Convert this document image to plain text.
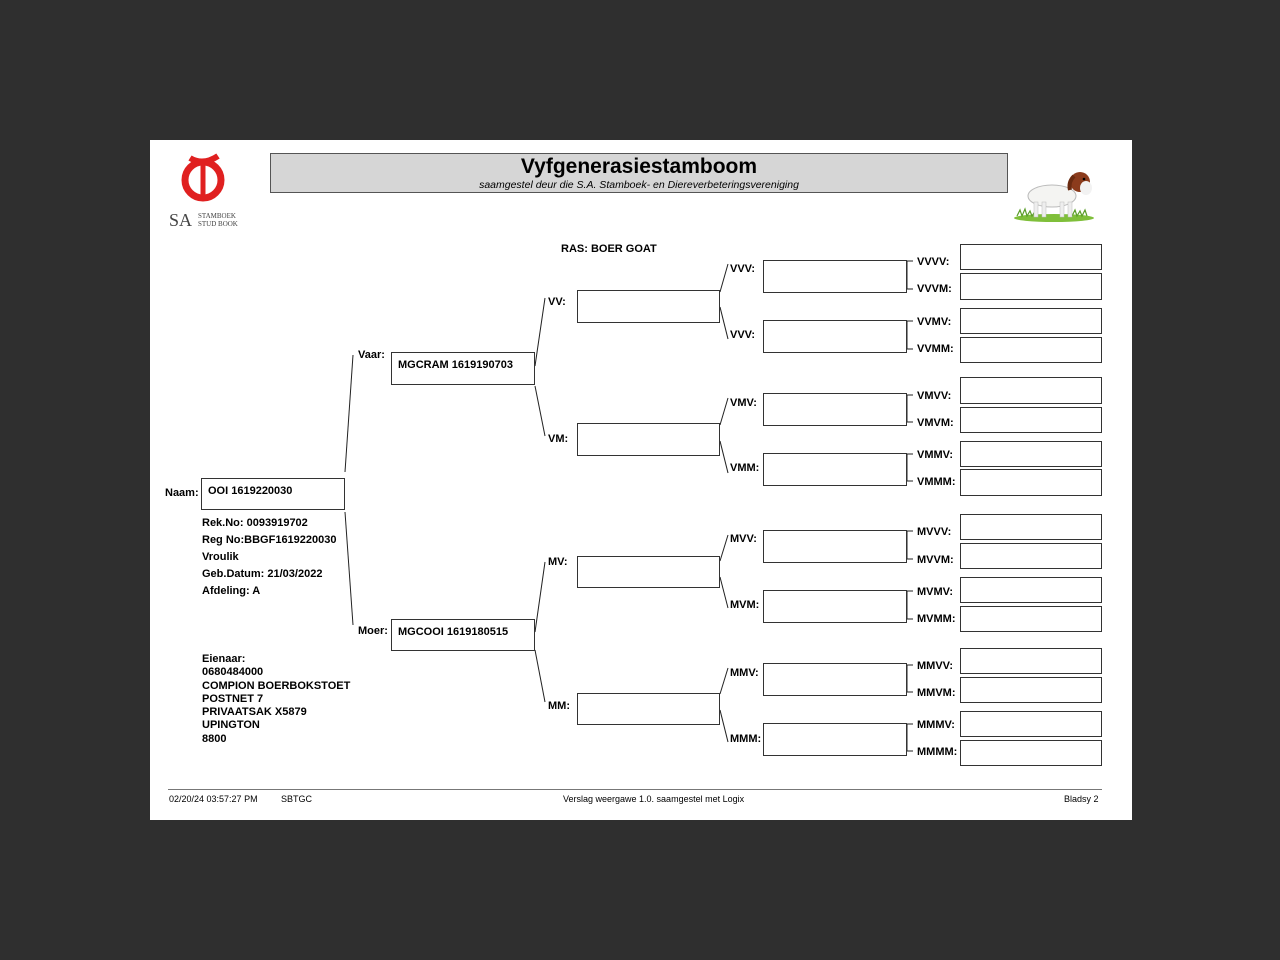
SA STAMBOEK
STUD BOOK
Vyfgenerasiestamboom
saamgestel deur die S.A. Stamboek- en Diereverbeteringsvereniging
RAS: BOER GOAT
Naam: OOI 1619220030
Rek.No: 0093919702
Reg No:BBGF1619220030
Vroulik
Geb.Datum: 21/03/2022
Afdeling: A
Eienaar:
0680484000
COMPION BOERBOKSTOET
POSTNET 7
PRIVAATSAK X5879
UPINGTON
8800
Vaar:
MGCRAM 1619190703
Moer: MGCOOI 1619180515
VV:
VM:
MV:
MM:
VVV:
VVV:
VMV:
VMM:
MVV:
MVM:
MMV:
MMM:
VVVV:
VVVM:
VVMV:
VVMM:
VMVV:
VMVM:
VMMV:
VMMM:
MVVV:
MVVM:
MVMV:
MVMM:
MMVV:
MMVM:
MMMV:
MMMM:
02/20/24 03:57:27 PM	SBTGC	Verslag weergawe 1.0. saamgestel met Logix	Bladsy 2
